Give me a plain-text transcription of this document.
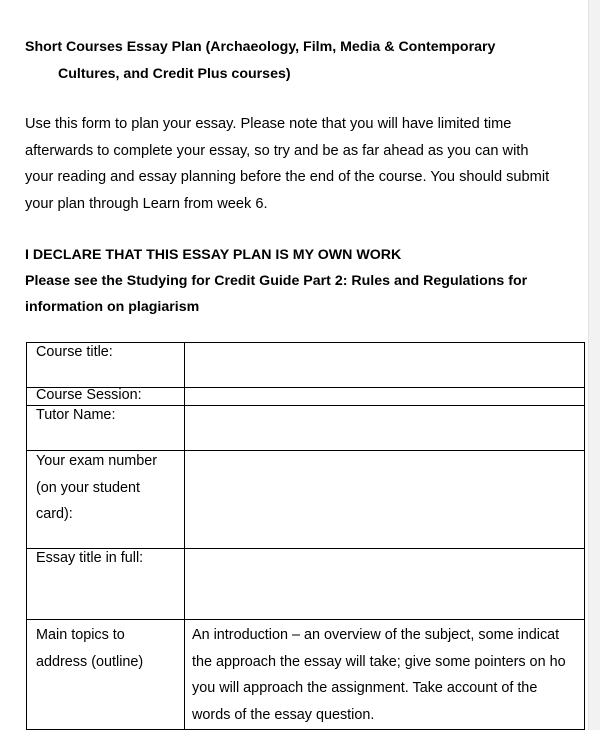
Short Courses Essay Plan (Archaeology, Film, Media & Contemporary
Cultures, and Credit Plus courses)

Use this form to plan your essay. Please note that you will have limited time
afterwards to complete your essay, so try and be as far ahead as you can with
your reading and essay planning before the end of the course. You should submit
your plan through Learn from week 6.

I DECLARE THAT THIS ESSAY PLAN IS MY OWN WORK
Please see the Studying for Credit Guide Part 2: Rules and Regulations for
information on plagiarism
Course title:	

Course Session:	

Tutor Name:	

Your exam number
(on your student
card):	

Essay title in full:	

Main topics to
address (outline)	An introduction – an overview of the subject, some indicat
the approach the essay will take; give some pointers on ho
you will approach the assignment. Take account of the
words of the essay question.
